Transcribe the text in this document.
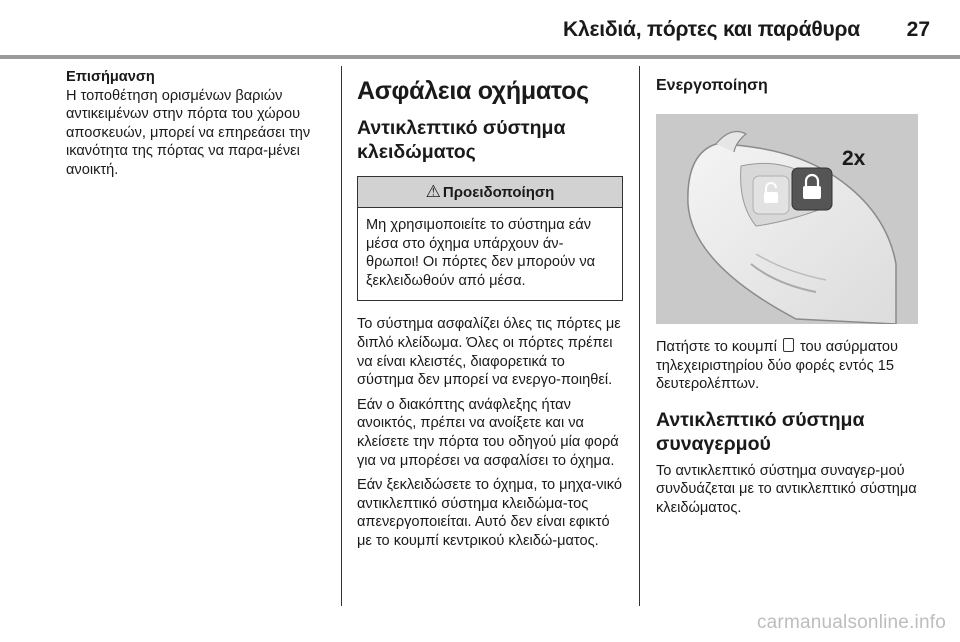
Κλειδιά, πόρτες και παράθυρα	27
Επισήμανση

Η τοποθέτηση ορισμένων βαριών αντικειμένων στην πόρτα του χώρου αποσκευών, μπορεί να επηρεάσει την ικανότητα της πόρτας να παρα-μένει ανοικτή.

Ασφάλεια οχήματος
Αντικλεπτικό σύστημα κλειδώματος
⚠ Προειδοποίηση
Μη χρησιμοποιείτε το σύστημα εάν μέσα στο όχημα υπάρχουν άν-θρωποι! Οι πόρτες δεν μπορούν να ξεκλειδωθούν από μέσα.

Το σύστημα ασφαλίζει όλες τις πόρτες με διπλό κλείδωμα. Όλες οι πόρτες πρέπει να είναι κλειστές, διαφορετικά το σύστημα δεν μπορεί να ενεργο-ποιηθεί.

Εάν ο διακόπτης ανάφλεξης ήταν ανοικτός, πρέπει να ανοίξετε και να κλείσετε την πόρτα του οδηγού μία φορά για να μπορέσει να ασφαλίσει το όχημα.

Εάν ξεκλειδώσετε το όχημα, το μηχα-νικό αντικλεπτικό σύστημα κλειδώμα-τος απενεργοποιείται. Αυτό δεν είναι εφικτό με το κουμπί κεντρικού κλειδώ-ματος.

Ενεργοποίηση
2x

Πατήστε το κουμπί του ασύρματου τηλεχειριστηρίου δύο φορές εντός 15 δευτερολέπτων.

Αντικλεπτικό σύστημα συναγερμού

Το αντικλεπτικό σύστημα συναγερ-μού συνδυάζεται με το αντικλεπτικό σύστημα κλειδώματος.

carmanualsonline.info
